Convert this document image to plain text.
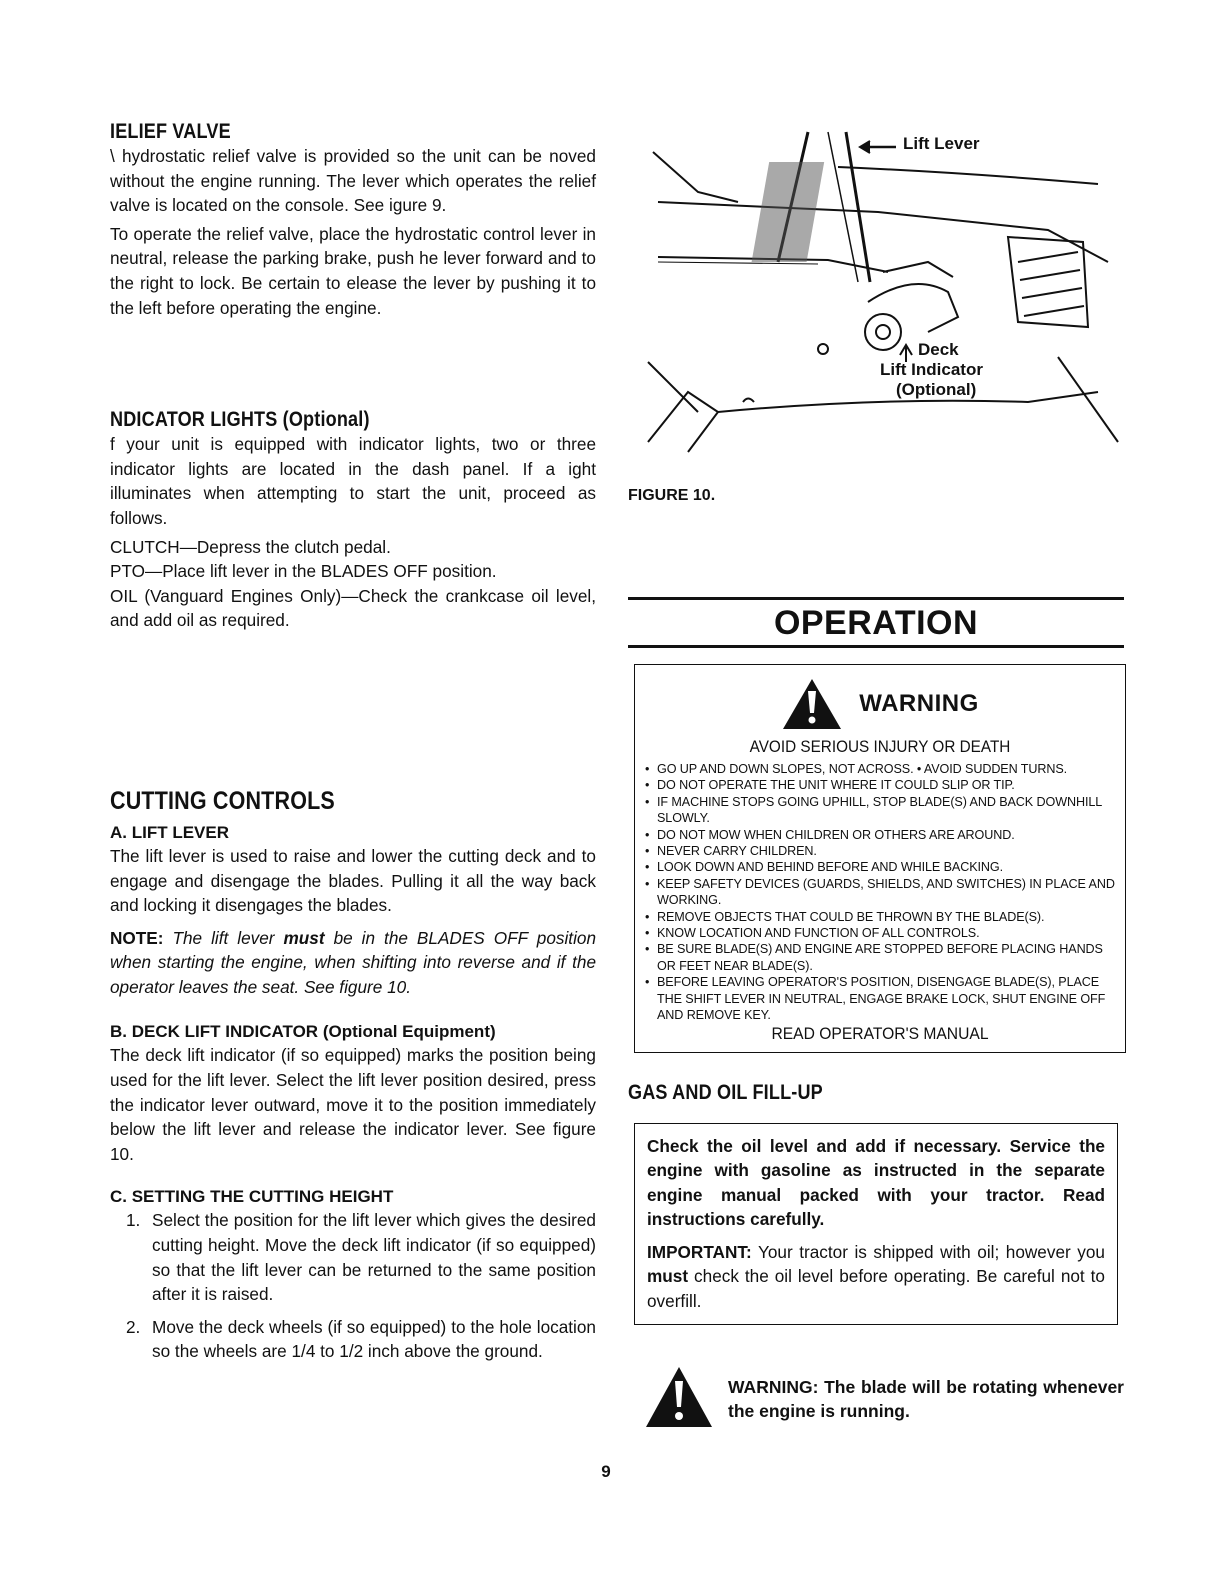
IELIEF VALVE

\ hydrostatic relief valve is provided so the unit can be noved without the engine running. The lever which operates the relief valve is located on the console. See igure 9.

To operate the relief valve, place the hydrostatic control lever in neutral, release the parking brake, push he lever forward and to the right to lock. Be certain to elease the lever by pushing it to the left before operating the engine.

NDICATOR LIGHTS (Optional)

f your unit is equipped with indicator lights, two or three indicator lights are located in the dash panel. If a ight illuminates when attempting to start the unit, proceed as follows.

CLUTCH—Depress the clutch pedal.

PTO—Place lift lever in the BLADES OFF position.

OIL (Vanguard Engines Only)—Check the crankcase oil level, and add oil as required.

CUTTING CONTROLS

A. LIFT LEVER

The lift lever is used to raise and lower the cutting deck and to engage and disengage the blades. Pulling it all the way back and locking it disengages the blades.

NOTE: The lift lever must be in the BLADES OFF position when starting the engine, when shifting into reverse and if the operator leaves the seat. See figure 10.

B. DECK LIFT INDICATOR (Optional Equipment)

The deck lift indicator (if so equipped) marks the position being used for the lift lever. Select the lift lever position desired, press the indicator lever outward, move it to the position immediately below the lift lever and release the indicator lever. See figure 10.

C. SETTING THE CUTTING HEIGHT

1. Select the position for the lift lever which gives the desired cutting height. Move the deck lift indicator (if so equipped) so that the lift lever can be returned to the same position after it is raised.
2. Move the deck wheels (if so equipped) to the hole location so the wheels are 1/4 to 1/2 inch above the ground.
Lift Lever
Deck
Lift Indicator
(Optional)
FIGURE 10.
OPERATION
WARNING
AVOID SERIOUS INJURY OR DEATH
• GO UP AND DOWN SLOPES, NOT ACROSS. • AVOID SUDDEN TURNS.
• DO NOT OPERATE THE UNIT WHERE IT COULD SLIP OR TIP.
• IF MACHINE STOPS GOING UPHILL, STOP BLADE(S) AND BACK DOWNHILL SLOWLY.
• DO NOT MOW WHEN CHILDREN OR OTHERS ARE AROUND.
• NEVER CARRY CHILDREN.
• LOOK DOWN AND BEHIND BEFORE AND WHILE BACKING.
• KEEP SAFETY DEVICES (GUARDS, SHIELDS, AND SWITCHES) IN PLACE AND WORKING.
• REMOVE OBJECTS THAT COULD BE THROWN BY THE BLADE(S).
• KNOW LOCATION AND FUNCTION OF ALL CONTROLS.
• BE SURE BLADE(S) AND ENGINE ARE STOPPED BEFORE PLACING HANDS OR FEET NEAR BLADE(S).
• BEFORE LEAVING OPERATOR'S POSITION, DISENGAGE BLADE(S), PLACE THE SHIFT LEVER IN NEUTRAL, ENGAGE BRAKE LOCK, SHUT ENGINE OFF AND REMOVE KEY.
READ OPERATOR'S MANUAL
GAS AND OIL FILL-UP

Check the oil level and add if necessary. Service the engine with gasoline as instructed in the separate engine manual packed with your tractor. Read instructions carefully.

IMPORTANT: Your tractor is shipped with oil; however you must check the oil level before operating. Be careful not to overfill.

WARNING: The blade will be rotating whenever the engine is running.

9
